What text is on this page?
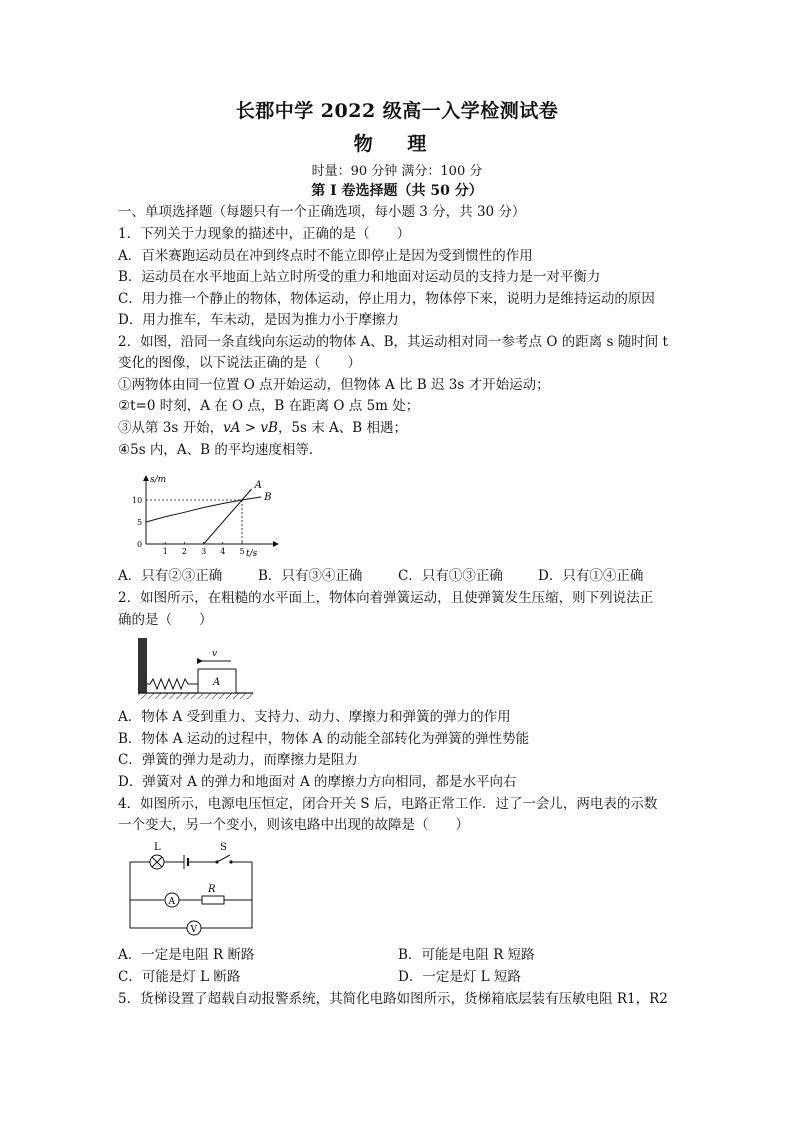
长郡中学 2022 级高一入学检测试卷
物 理
时量：90 分钟 满分：100 分
第 I 卷选择题（共 50 分）
一、单项选择题（每题只有一个正确选项，每小题 3 分，共 30 分）
1．下列关于力现象的描述中，正确的是（　　）
A．百米赛跑运动员在冲到终点时不能立即停止是因为受到惯性的作用
B．运动员在水平地面上站立时所受的重力和地面对运动员的支持力是一对平衡力
C．用力推一个静止的物体，物体运动，停止用力，物体停下来，说明力是维持运动的原因
D．用力推车，车未动，是因为推力小于摩擦力
2．如图，沿同一条直线向东运动的物体 A、B，其运动相对同一参考点 O 的距离 s 随时间 t
变化的图像，以下说法正确的是（　　）
①两物体由同一位置 O 点开始运动，但物体 A 比 B 迟 3s 才开始运动；
②t=0 时刻，A 在 O 点，B 在距离 O 点 5m 处；
③从第 3s 开始，vA > vB，5s 末 A、B 相遇；
④5s 内，A、B 的平均速度相等．
A
B
1 2 3 4 5
0
5
10
s/m
t/s
A．只有②③正确	B．只有③④正确	C．只有①③正确	D．只有①④正确
2．如图所示，在粗糙的水平面上，物体向着弹簧运动，且使弹簧发生压缩，则下列说法正
确的是（　　）
A
v
A．物体 A 受到重力、支持力、动力、摩擦力和弹簧的弹力的作用
B．物体 A 运动的过程中，物体 A 的动能全部转化为弹簧的弹性势能
C．弹簧的弹力是动力，而摩擦力是阻力
D．弹簧对 A 的弹力和地面对 A 的摩擦力方向相同，都是水平向右
4．如图所示，电源电压恒定，闭合开关 S 后，电路正常工作．过了一会儿，两电表的示数
一个变大，另一个变小，则该电路中出现的故障是（　　）
L	S
A
R
V
A．一定是电阻 R 断路	B．可能是电阻 R 短路
C．可能是灯 L 断路	D．一定是灯 L 短路
5．货梯设置了超载自动报警系统，其简化电路如图所示，货梯箱底层装有压敏电阻 R1，R2
